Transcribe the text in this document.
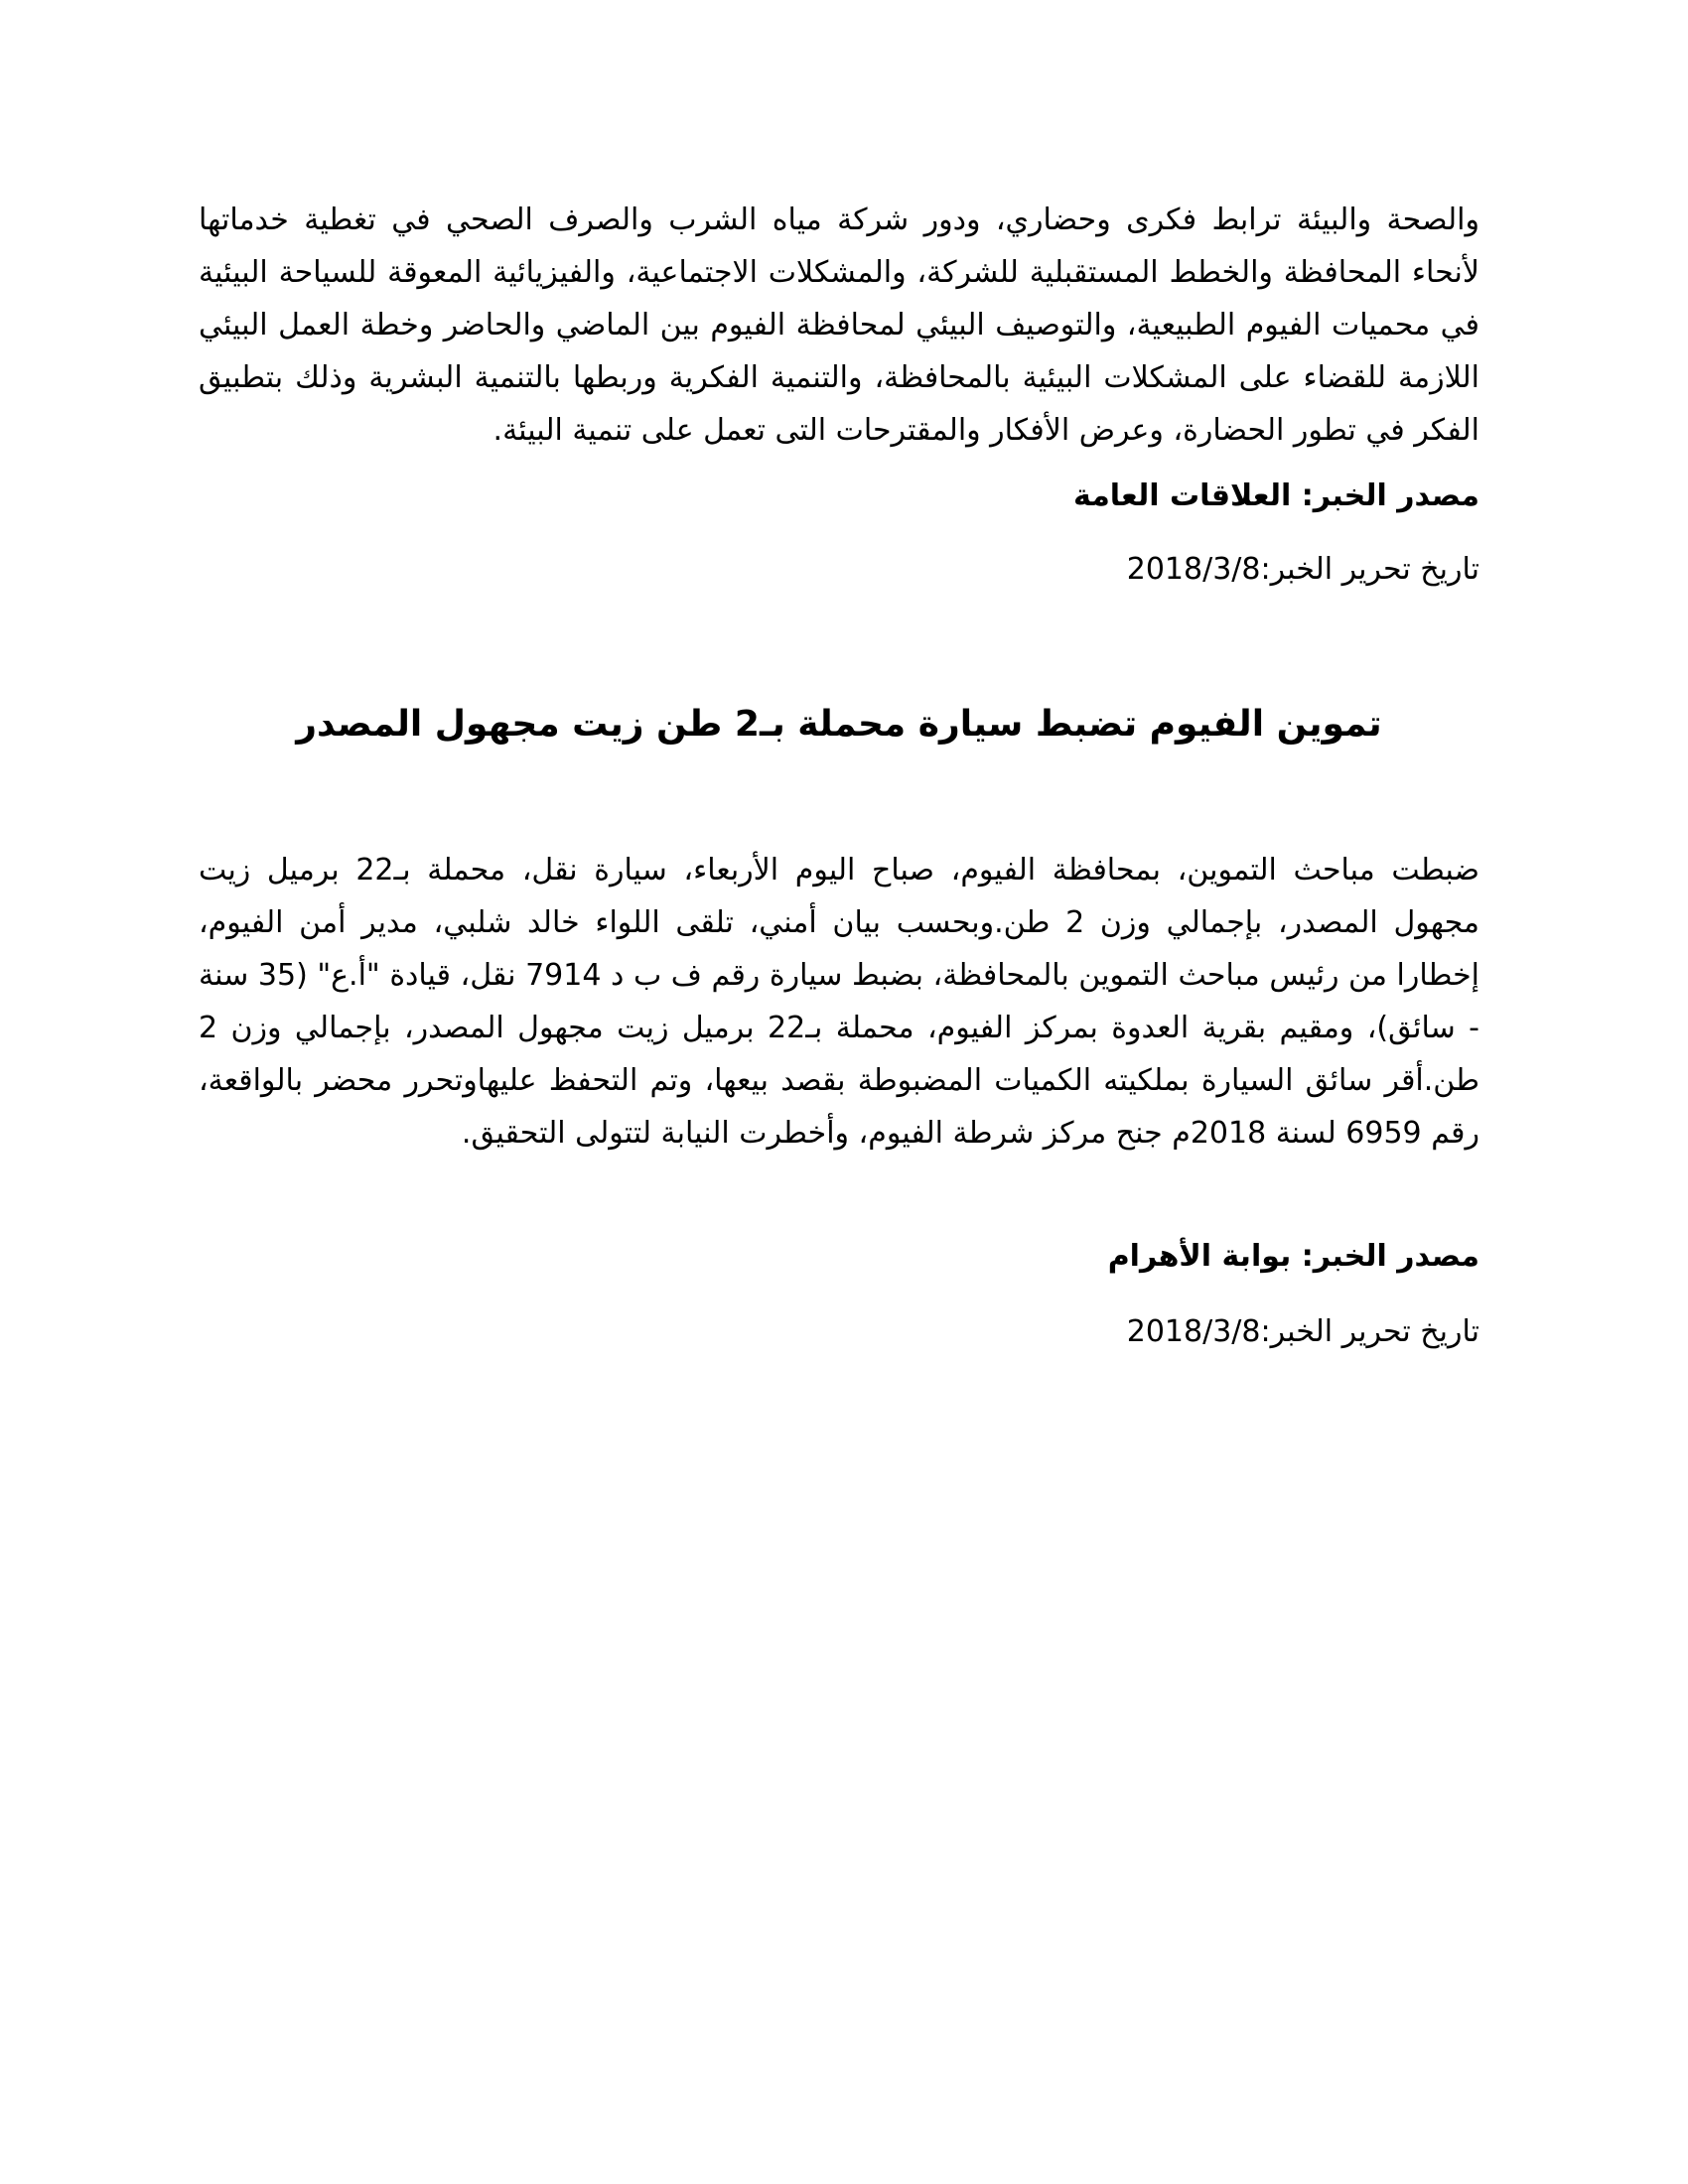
والصحة والبيئة ترابط فكرى وحضاري، ودور شركة مياه الشرب والصرف الصحي في تغطية خدماتها لأنحاء المحافظة والخطط المستقبلية للشركة، والمشكلات الاجتماعية، والفيزيائية المعوقة للسياحة البيئية في محميات الفيوم الطبيعية، والتوصيف البيئي لمحافظة الفيوم بين الماضي والحاضر وخطة العمل البيئي اللازمة للقضاء على المشكلات البيئية بالمحافظة، والتنمية الفكرية وربطها بالتنمية البشرية وذلك بتطبيق الفكر في تطور الحضارة، وعرض الأفكار والمقترحات التى تعمل على تنمية البيئة.

مصدر الخبر: العلاقات العامة

تاريخ تحرير الخبر:2018/3/8

تموين الفيوم تضبط سيارة محملة بـ2 طن زيت مجهول المصدر

ضبطت مباحث التموين، بمحافظة الفيوم، صباح اليوم الأربعاء، سيارة نقل، محملة بـ22 برميل زيت مجهول المصدر، بإجمالي وزن 2 طن.وبحسب بيان أمني، تلقى اللواء خالد شلبي، مدير أمن الفيوم، إخطارا من رئيس مباحث التموين بالمحافظة، بضبط سيارة رقم ف ب د 7914 نقل، قيادة "أ.ع" (35 سنة - سائق)، ومقيم بقرية العدوة بمركز الفيوم، محملة بـ22 برميل زيت مجهول المصدر، بإجمالي وزن 2 طن.أقر سائق السيارة بملكيته الكميات المضبوطة بقصد بيعها، وتم التحفظ عليهاوتحرر محضر بالواقعة، رقم 6959 لسنة 2018م جنح مركز شرطة الفيوم، وأخطرت النيابة لتتولى التحقيق.

مصدر الخبر: بوابة الأهرام

تاريخ تحرير الخبر:2018/3/8
